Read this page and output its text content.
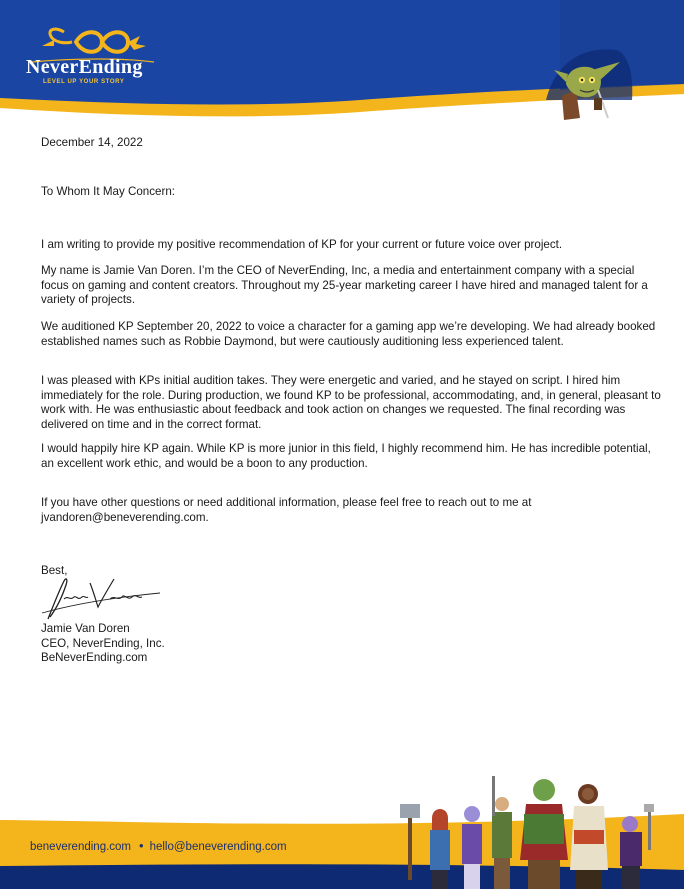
NeverEnding
LEVEL UP YOUR STORY

December 14, 2022

To Whom It May Concern:

I am writing to provide my positive recommendation of KP for your current or future voice over project.

My name is Jamie Van Doren. I’m the CEO of NeverEnding, Inc, a media and entertainment company with a special focus on gaming and content creators. Throughout my 25-year marketing career I have hired and managed talent for a variety of projects.

We auditioned KP September 20, 2022 to voice a character for a gaming app we’re developing. We had already booked established names such as Robbie Daymond, but were cautiously auditioning less experienced talent.

I was pleased with KPs initial audition takes. They were energetic and varied, and he stayed on script. I hired him immediately for the role. During production, we found KP to be professional, accommodating, and, in general, pleasant to work with. He was enthusiastic about feedback and took action on changes we requested. The final recording was delivered on time and in the correct format.

I would happily hire KP again. While KP is more junior in this field, I highly recommend him. He has incredible potential, an excellent work ethic, and would be a boon to any production.

If you have other questions or need additional information, please feel free to reach out to me at jvandoren@beneverending.com.

Best,

Jamie Van Doren

CEO, NeverEnding, Inc.

BeNeverEnding.com

beneverending.com • hello@beneverending.com
